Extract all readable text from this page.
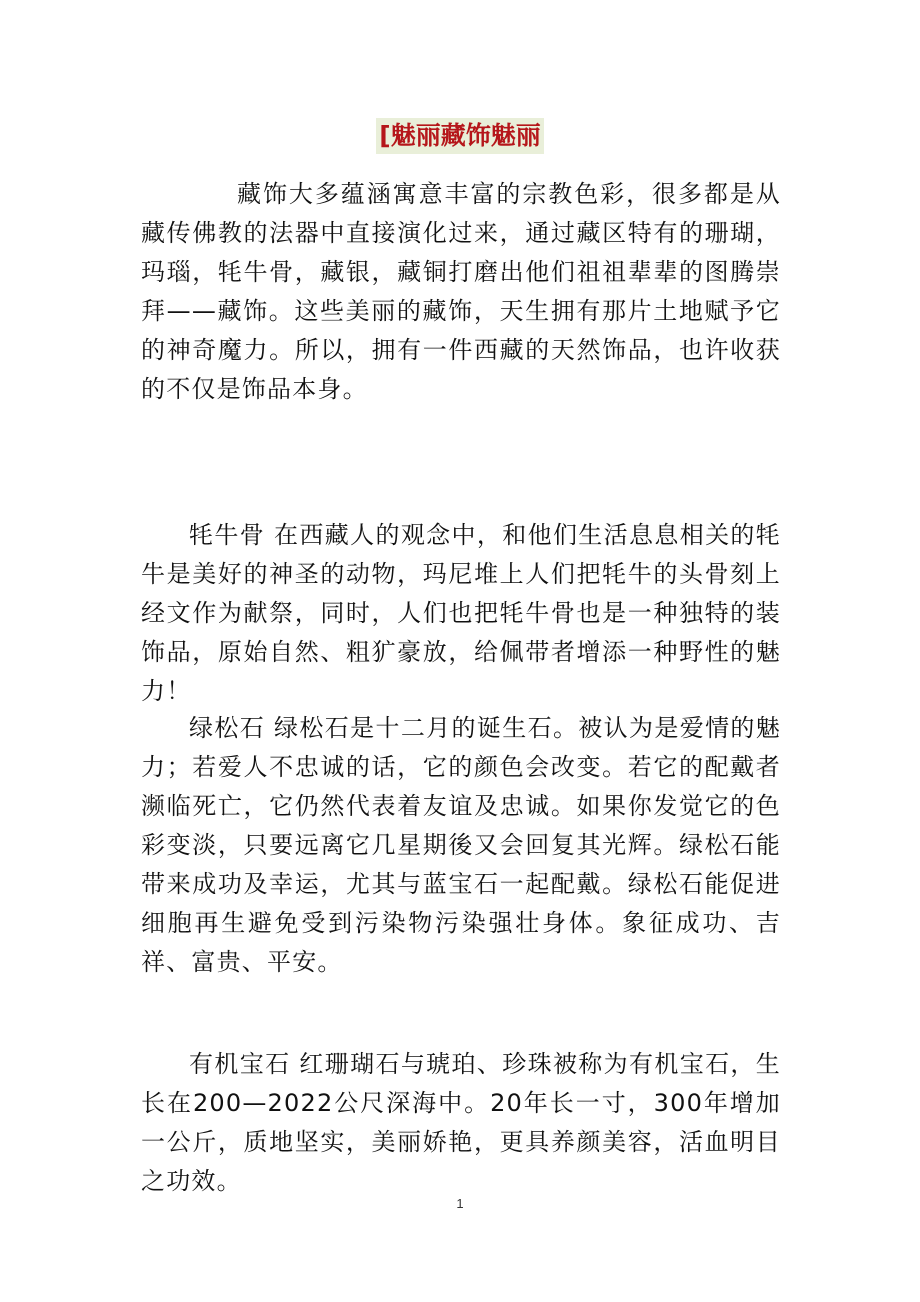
[魅丽藏饰魅丽

藏饰大多蕴涵寓意丰富的宗教色彩，很多都是从藏传佛教的法器中直接演化过来，通过藏区特有的珊瑚，玛瑙，牦牛骨，藏银，藏铜打磨出他们祖祖辈辈的图腾崇拜——藏饰。这些美丽的藏饰，天生拥有那片土地赋予它的神奇魔力。所以，拥有一件西藏的天然饰品，也许收获的不仅是饰品本身。

牦牛骨 在西藏人的观念中，和他们生活息息相关的牦牛是美好的神圣的动物，玛尼堆上人们把牦牛的头骨刻上经文作为献祭，同时，人们也把牦牛骨也是一种独特的装饰品，原始自然、粗犷豪放，给佩带者增添一种野性的魅力！

绿松石 绿松石是十二月的诞生石。被认为是爱情的魅力；若爱人不忠诚的话，它的颜色会改变。若它的配戴者濒临死亡，它仍然代表着友谊及忠诚。如果你发觉它的色彩变淡，只要远离它几星期後又会回复其光辉。绿松石能带来成功及幸运，尤其与蓝宝石一起配戴。绿松石能促进细胞再生避免受到污染物污染强壮身体。象征成功、吉祥、富贵、平安。

有机宝石 红珊瑚石与琥珀、珍珠被称为有机宝石，生长在200—2022公尺深海中。20年长一寸，300年增加一公斤，质地坚实，美丽娇艳，更具养颜美容，活血明目之功效。

1
